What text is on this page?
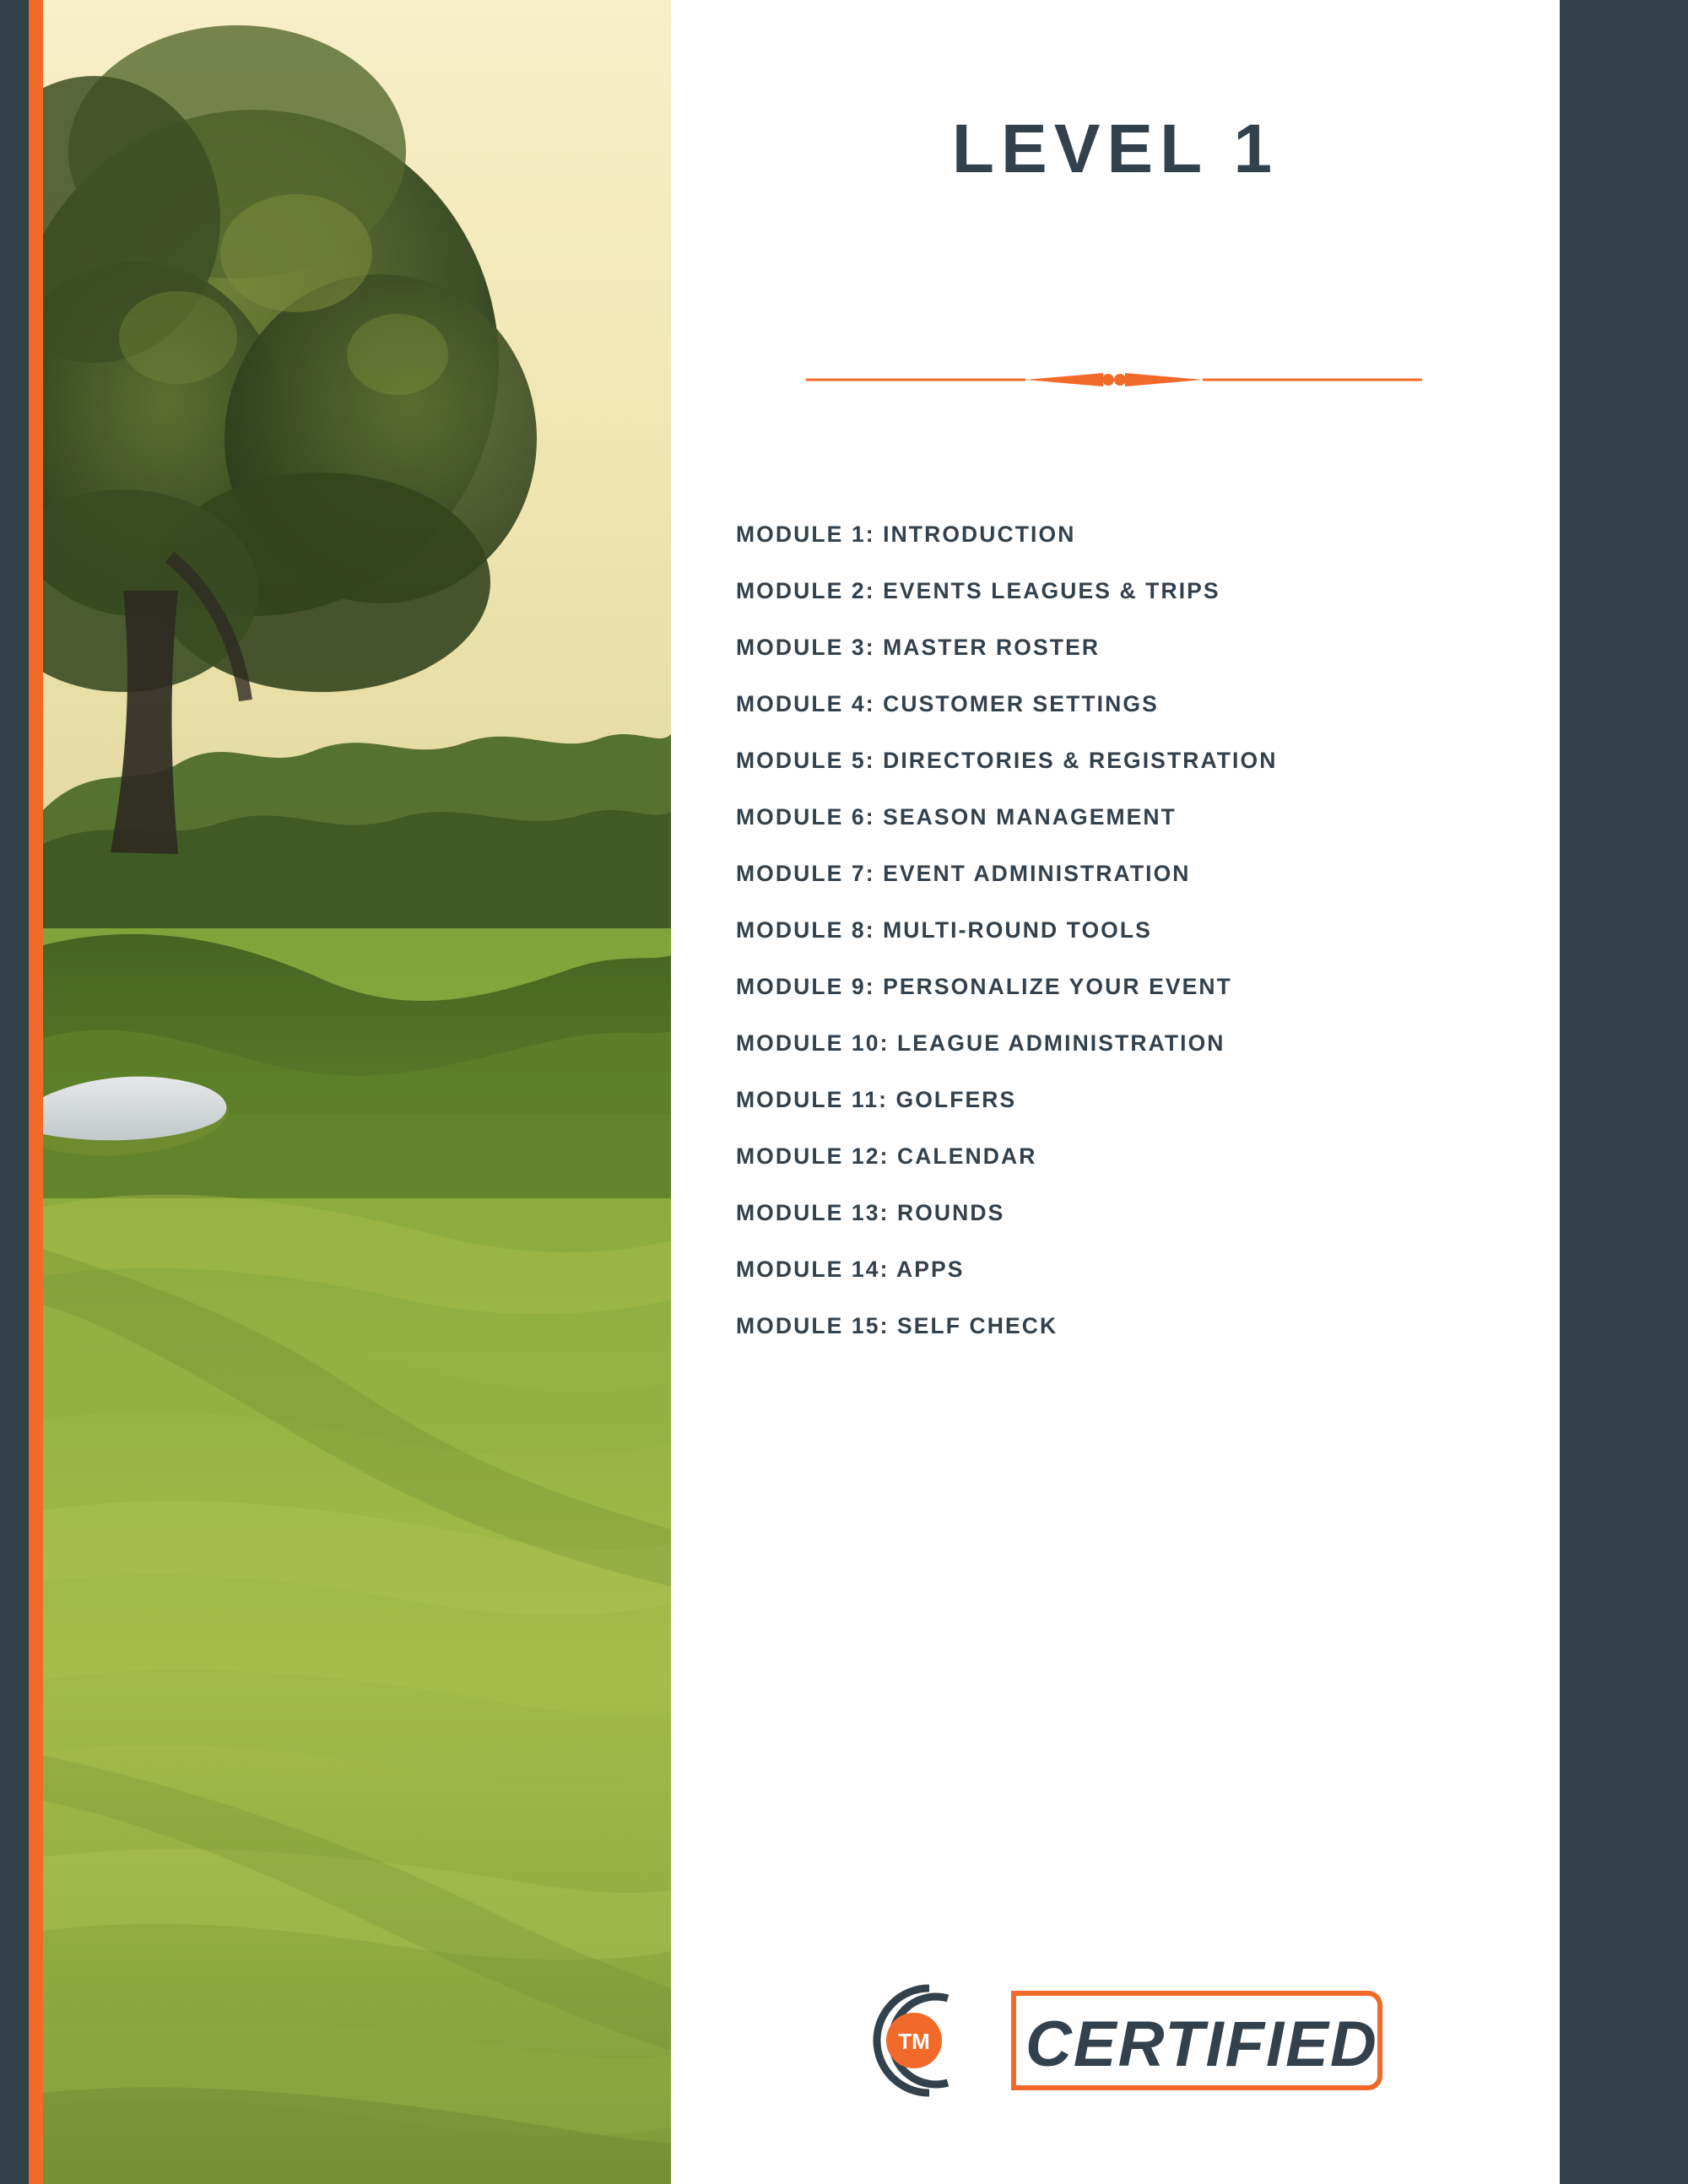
LEVEL 1
MODULE 1: INTRODUCTION
MODULE 2: EVENTS LEAGUES & TRIPS
MODULE 3: MASTER ROSTER
MODULE 4: CUSTOMER SETTINGS
MODULE 5: DIRECTORIES & REGISTRATION
MODULE 6: SEASON MANAGEMENT
MODULE 7: EVENT ADMINISTRATION
MODULE 8: MULTI-ROUND TOOLS
MODULE 9: PERSONALIZE YOUR EVENT
MODULE 10: LEAGUE ADMINISTRATION
MODULE 11: GOLFERS
MODULE 12: CALENDAR
MODULE 13: ROUNDS
MODULE 14: APPS
MODULE 15: SELF CHECK
TM CERTIFIED
